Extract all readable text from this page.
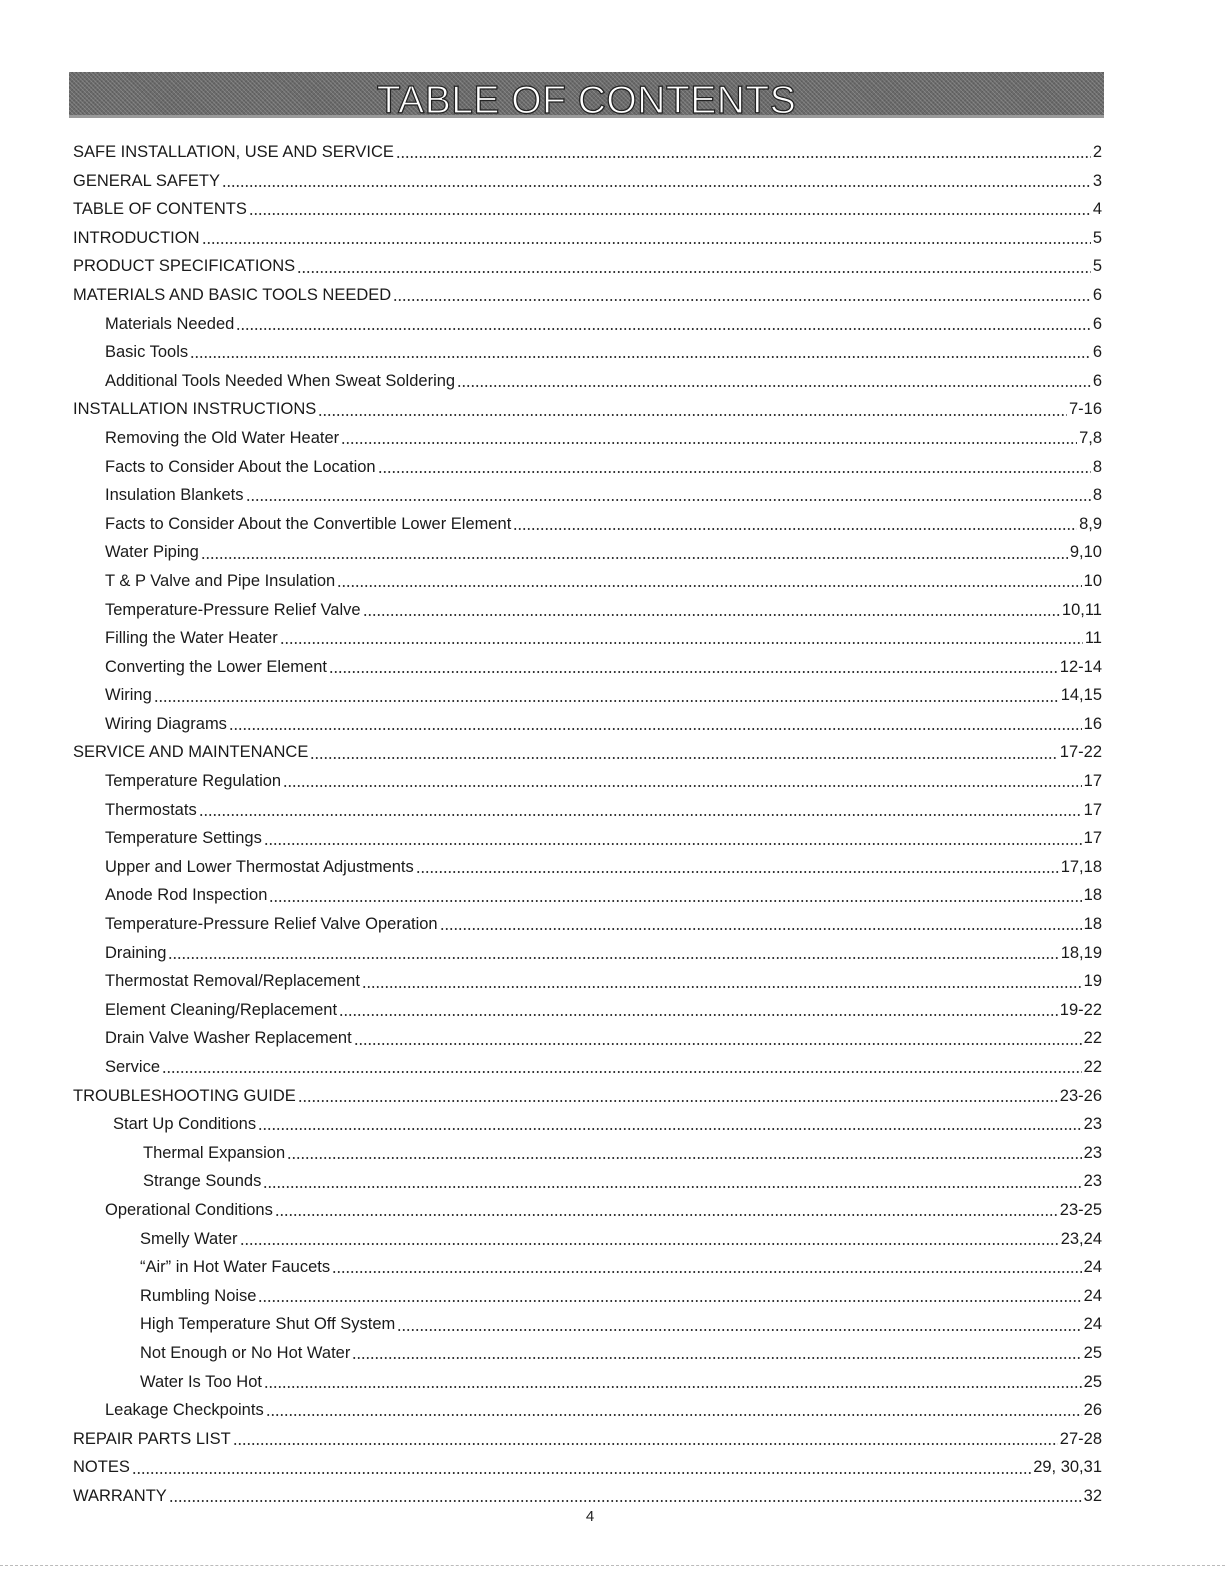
TABLE OF CONTENTS
SAFE INSTALLATION, USE AND SERVICE	2
GENERAL SAFETY	3
TABLE OF CONTENTS	4
INTRODUCTION	5
PRODUCT SPECIFICATIONS	5
MATERIALS AND BASIC TOOLS NEEDED	6
Materials Needed	6
Basic Tools	6
Additional Tools Needed When Sweat Soldering	6
INSTALLATION INSTRUCTIONS	7-16
Removing the Old Water Heater	7,8
Facts to Consider About the Location	8
Insulation Blankets	8
Facts to Consider About the Convertible Lower Element	8,9
Water Piping	9,10
T & P Valve and Pipe Insulation	10
Temperature-Pressure Relief Valve	10,11
Filling the Water Heater	11
Converting the Lower Element	12-14
Wiring	14,15
Wiring Diagrams	16
SERVICE AND MAINTENANCE	17-22
Temperature Regulation	17
Thermostats	17
Temperature Settings	17
Upper and Lower Thermostat Adjustments	17,18
Anode Rod Inspection	18
Temperature-Pressure Relief Valve Operation	18
Draining	18,19
Thermostat Removal/Replacement	19
Element Cleaning/Replacement	19-22
Drain Valve Washer Replacement	22
Service	22
TROUBLESHOOTING GUIDE	23-26
Start Up Conditions	23
Thermal Expansion	23
Strange Sounds	23
Operational Conditions	23-25
Smelly Water	23,24
“Air” in Hot Water Faucets	24
Rumbling Noise	24
High Temperature Shut Off System	24
Not Enough or No Hot Water	25
Water Is Too Hot	25
Leakage Checkpoints	26
REPAIR PARTS LIST	27-28
NOTES	29, 30,31
WARRANTY	32
4
